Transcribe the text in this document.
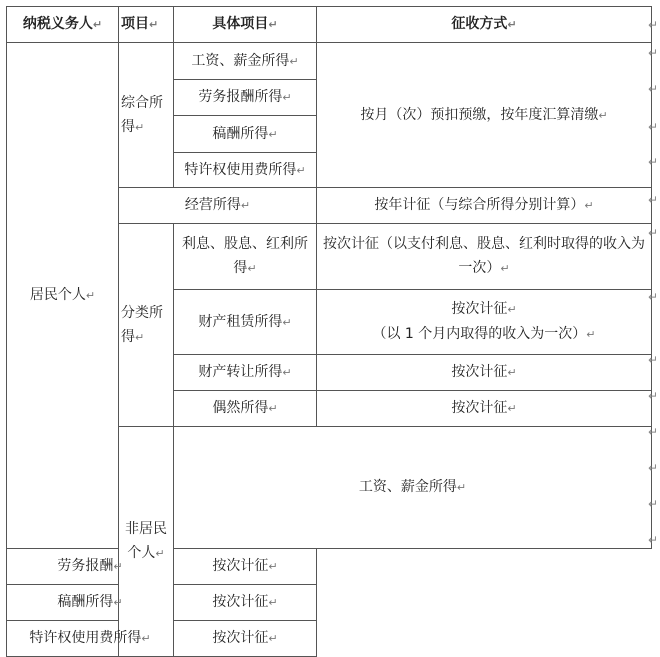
纳税义务人↵	项目↵	具体项目↵	征收方式↵	
居民个人↵	综合所得↵	工资、薪金所得↵	按月（次）预扣预缴，按年度汇算清缴↵	
		劳务报酬所得↵		
		稿酬所得↵		
		特许权使用费所得↵		
	经营所得↵		按年计征（与综合所得分别计算）↵	
	分类所得↵	利息、股息、红利所得↵	按次计征（以支付利息、股息、红利时取得的收入为一次）↵	
		财产租赁所得↵	按次计征↵
（以 1 个月内取得的收入为一次）↵	

		财产转让所得↵	按次计征↵	
		偶然所得↵	按次计征↵	
	非居民个人↵	工资、薪金所得↵	
劳务报酬↵		按次计征↵		
稿酬所得↵		按次计征↵		
特许权使用费所得↵		按次计征↵		
↵
↵
↵
↵
↵
↵
↵
↵
↵
↵
↵
↵
↵
↵
